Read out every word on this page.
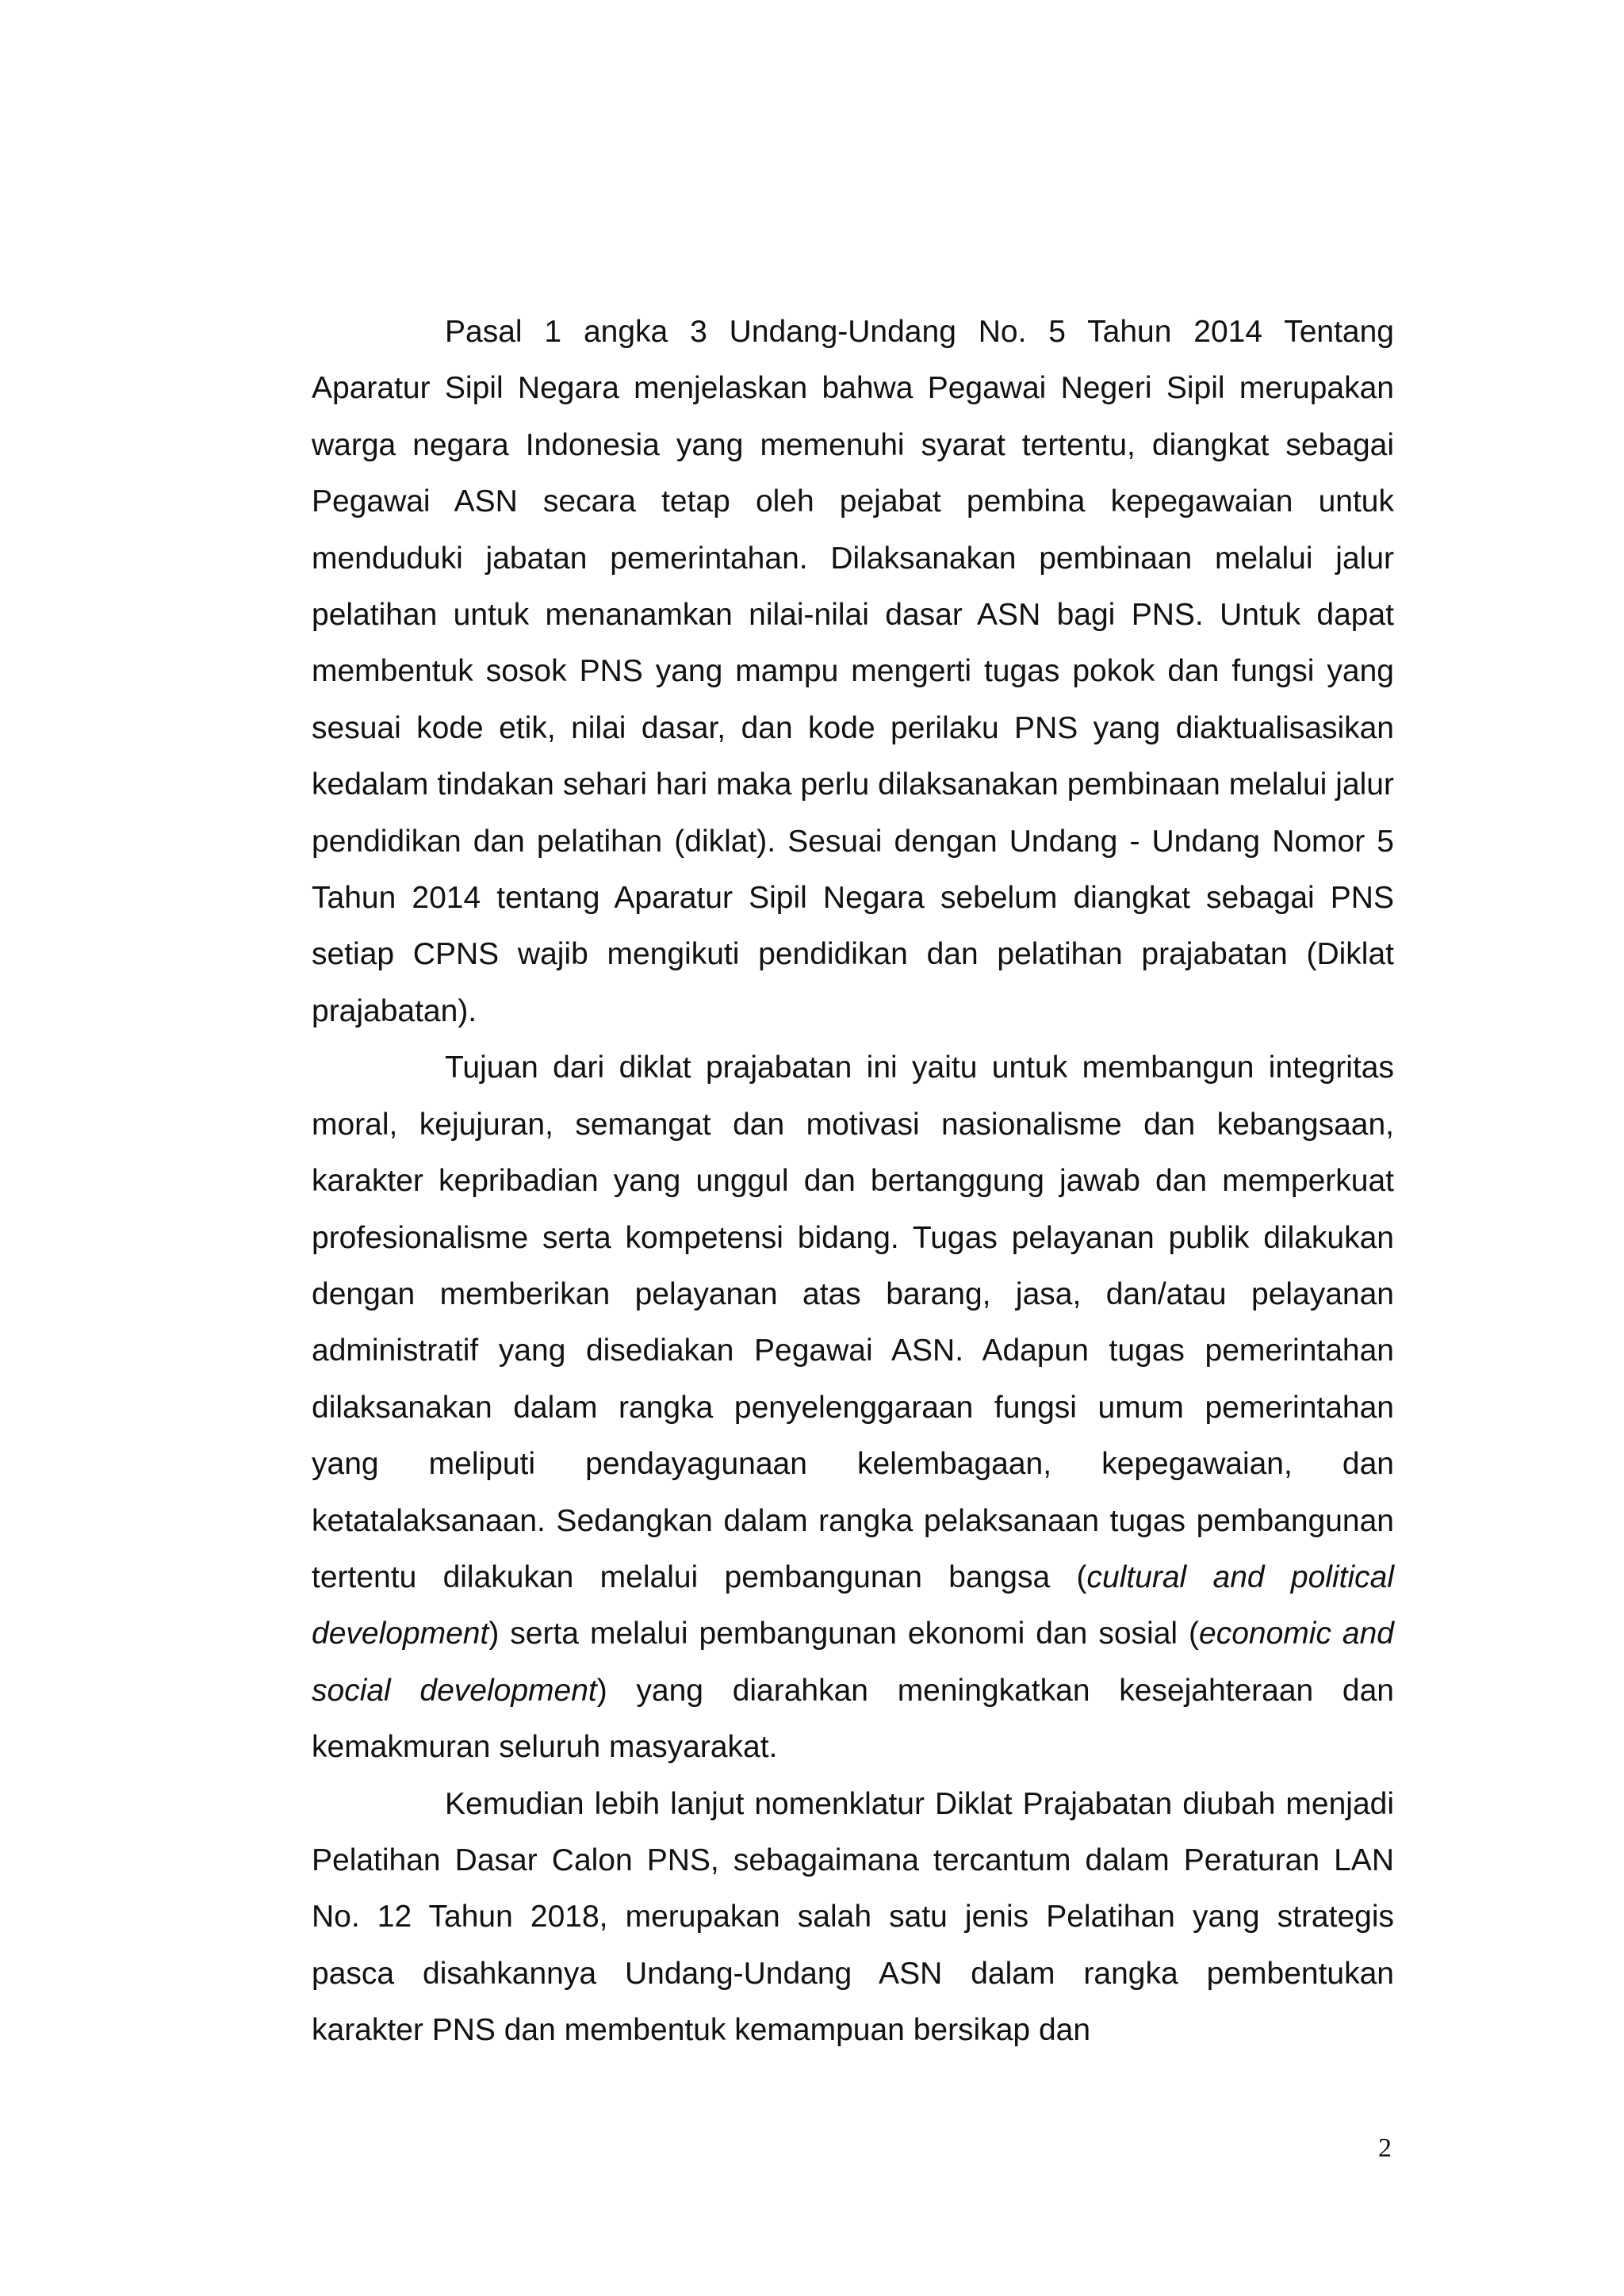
Pasal 1 angka 3 Undang-Undang No. 5 Tahun 2014 Tentang Aparatur Sipil Negara menjelaskan bahwa Pegawai Negeri Sipil merupakan warga negara Indonesia yang memenuhi syarat tertentu, diangkat sebagai Pegawai ASN secara tetap oleh pejabat pembina kepegawaian untuk menduduki jabatan pemerintahan. Dilaksanakan pembinaan melalui jalur pelatihan untuk menanamkan nilai-nilai dasar ASN bagi PNS. Untuk dapat membentuk sosok PNS yang mampu mengerti tugas pokok dan fungsi yang sesuai kode etik, nilai dasar, dan kode perilaku PNS yang diaktualisasikan kedalam tindakan sehari hari maka perlu dilaksanakan pembinaan melalui jalur pendidikan dan pelatihan (diklat). Sesuai dengan Undang - Undang Nomor 5 Tahun 2014 tentang Aparatur Sipil Negara sebelum diangkat sebagai PNS setiap CPNS wajib mengikuti pendidikan dan pelatihan prajabatan (Diklat prajabatan).

Tujuan dari diklat prajabatan ini yaitu untuk membangun integritas moral, kejujuran, semangat dan motivasi nasionalisme dan kebangsaan, karakter kepribadian yang unggul dan bertanggung jawab dan memperkuat profesionalisme serta kompetensi bidang. Tugas pelayanan publik dilakukan dengan memberikan pelayanan atas barang, jasa, dan/atau pelayanan administratif yang disediakan Pegawai ASN. Adapun tugas pemerintahan dilaksanakan dalam rangka penyelenggaraan fungsi umum pemerintahan yang meliputi pendayagunaan kelembagaan, kepegawaian, dan ketatalaksanaan. Sedangkan dalam rangka pelaksanaan tugas pembangunan tertentu dilakukan melalui pembangunan bangsa (cultural and political development) serta melalui pembangunan ekonomi dan sosial (economic and social development) yang diarahkan meningkatkan kesejahteraan dan kemakmuran seluruh masyarakat.

Kemudian lebih lanjut nomenklatur Diklat Prajabatan diubah menjadi Pelatihan Dasar Calon PNS, sebagaimana tercantum dalam Peraturan LAN No. 12 Tahun 2018, merupakan salah satu jenis Pelatihan yang strategis pasca disahkannya Undang-Undang ASN dalam rangka pembentukan karakter PNS dan membentuk kemampuan bersikap dan

2
